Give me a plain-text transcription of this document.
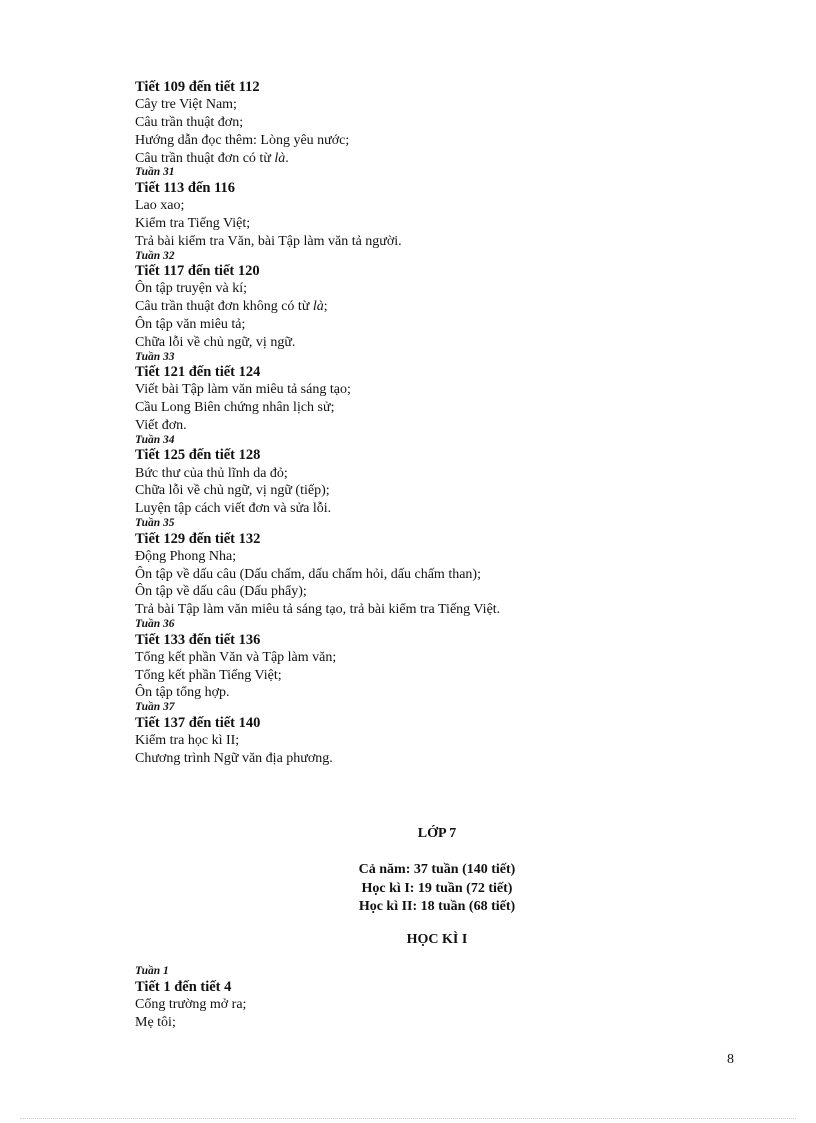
Tiết 109 đến tiết 112
Cây tre Việt Nam;
Câu trần thuật đơn;
Hướng dẫn đọc thêm: Lòng yêu nước;
Câu trần thuật đơn có từ là.
Tuần 31
Tiết 113 đến 116
Lao xao;
Kiểm tra Tiếng Việt;
Trả bài kiểm tra Văn, bài Tập làm văn tả người.
Tuần 32
Tiết 117 đến tiết 120
Ôn tập truyện và kí;
Câu trần thuật đơn không có từ là;
Ôn tập văn miêu tả;
Chữa lỗi về chủ ngữ, vị ngữ.
Tuần 33
Tiết 121 đến tiết 124
Viết bài Tập làm văn miêu tả sáng tạo;
Cầu Long Biên chứng nhân lịch sử;
Viết đơn.
Tuần 34
Tiết 125 đến tiết 128
Bức thư của thủ lĩnh da đỏ;
Chữa lỗi về chủ ngữ, vị ngữ (tiếp);
Luyện tập cách viết đơn và sửa lỗi.
Tuần 35
Tiết 129 đến tiết 132
Động Phong Nha;
Ôn tập về dấu câu (Dấu chấm, dấu chấm hỏi, dấu chấm than);
Ôn tập về dấu câu (Dấu phẩy);
Trả bài Tập làm văn miêu tả sáng tạo, trả bài kiểm tra Tiếng Việt.
Tuần 36
Tiết 133 đến tiết 136
Tổng kết phần Văn và Tập làm văn;
Tổng kết phần Tiếng Việt;
Ôn tập tổng hợp.
Tuần 37
Tiết 137 đến tiết 140
Kiểm tra học kì II;
Chương trình Ngữ văn địa phương.
LỚP 7
Cả năm: 37 tuần (140 tiết)
Học kì I: 19 tuần (72 tiết)
Học kì II: 18 tuần (68 tiết)
HỌC KÌ I
Tuần 1
Tiết 1 đến tiết 4
Cổng trường mở ra;
Mẹ tôi;
8
